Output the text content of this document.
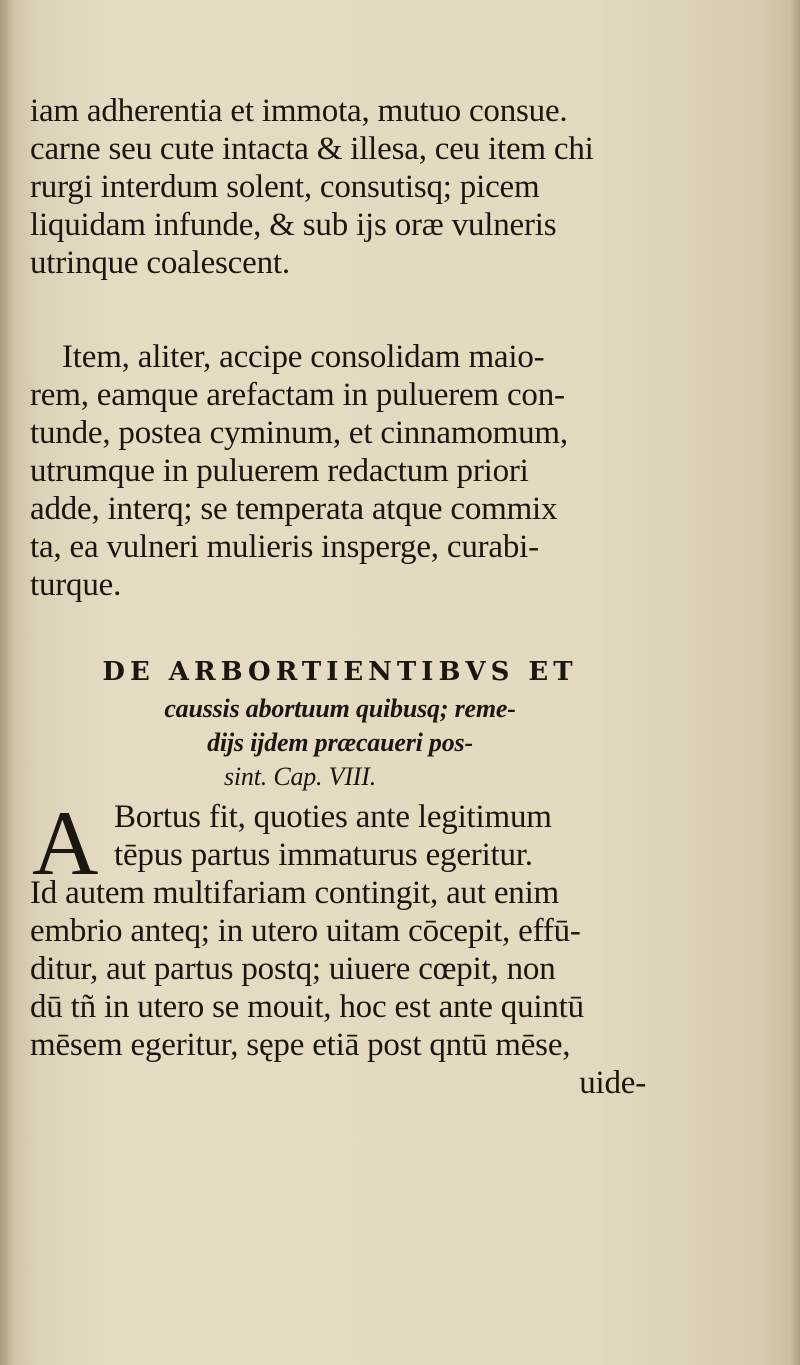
iam adherentia et immota, mutuo consue.
carne seu cute intacta & illesa, ceu item chi
rurgi interdum solent, consutisq; picem
liquidam infunde, & sub ijs oræ vulneris
utrinque coalescent.
Item, aliter, accipe consolidam maio-
rem, eamque arefactam in puluerem con-
tunde, postea cyminum, et cinnamomum,
utrumque in puluerem redactum priori
adde, interq; se temperata atque commix
ta, ea vulneri mulieris insperge, curabi-
turque.
DE ARBORTIENTIBVS ET
caussis abortuum quibusq; reme-
dijs ijdem præcaueri pos-
sint. Cap. VIII.
A Bortus fit, quoties ante legitimum
tēpus partus immaturus egeritur.
Id autem multifariam contingit, aut enim
embrio anteq; in utero uitam cōcepit, effū-
ditur, aut partus postq; uiuere cœpit, non
dū tñ in utero se mouit, hoc est ante quintū
mēsem egeritur, sępe etiā post qntū mēse,
uide-
